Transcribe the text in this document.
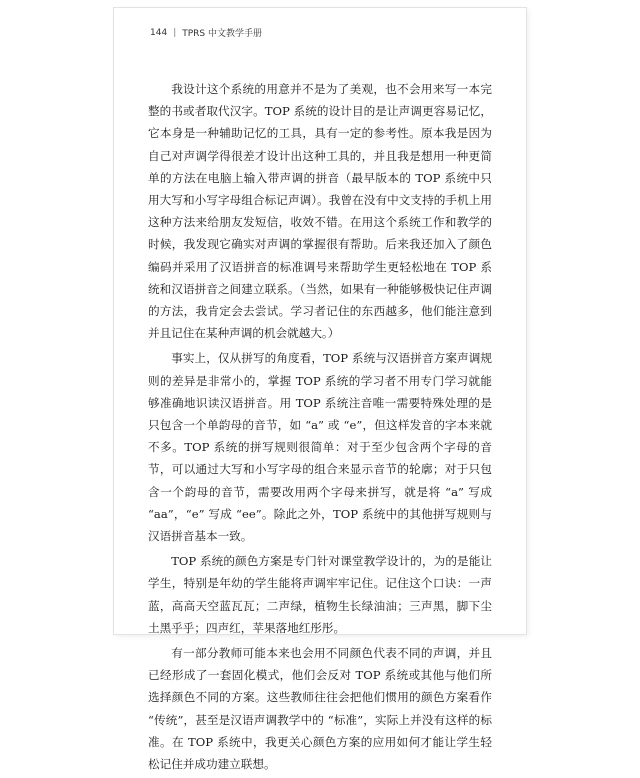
144 | TPRS 中文教学手册

我设计这个系统的用意并不是为了美观，也不会用来写一本完整的书或者取代汉字。TOP 系统的设计目的是让声调更容易记忆，它本身是一种辅助记忆的工具，具有一定的参考性。原本我是因为自己对声调学得很差才设计出这种工具的，并且我是想用一种更简单的方法在电脑上输入带声调的拼音（最早版本的 TOP 系统中只用大写和小写字母组合标记声调）。我曾在没有中文支持的手机上用这种方法来给朋友发短信，收效不错。在用这个系统工作和教学的时候，我发现它确实对声调的掌握很有帮助。后来我还加入了颜色编码并采用了汉语拼音的标准调号来帮助学生更轻松地在 TOP 系统和汉语拼音之间建立联系。（当然，如果有一种能够极快记住声调的方法，我肯定会去尝试。学习者记住的东西越多，他们能注意到并且记住在某种声调的机会就越大。）

事实上，仅从拼写的角度看，TOP 系统与汉语拼音方案声调规则的差异是非常小的，掌握 TOP 系统的学习者不用专门学习就能够准确地识读汉语拼音。用 TOP 系统注音唯一需要特殊处理的是只包含一个单韵母的音节，如 “a” 或 “e”，但这样发音的字本来就不多。TOP 系统的拼写规则很简单：对于至少包含两个字母的音节，可以通过大写和小写字母的组合来显示音节的轮廓；对于只包含一个韵母的音节，需要改用两个字母来拼写，就是将 “a” 写成 “aa”，“e” 写成 “ee”。除此之外，TOP 系统中的其他拼写规则与汉语拼音基本一致。

TOP 系统的颜色方案是专门针对课堂教学设计的，为的是能让学生，特别是年幼的学生能将声调牢牢记住。记住这个口诀：一声蓝，高高天空蓝瓦瓦；二声绿，植物生长绿油油；三声黑，脚下尘土黑乎乎；四声红，苹果落地红彤彤。

有一部分教师可能本来也会用不同颜色代表不同的声调，并且已经形成了一套固化模式，他们会反对 TOP 系统或其他与他们所选择颜色不同的方案。这些教师往往会把他们惯用的颜色方案看作 “传统”，甚至是汉语声调教学中的 “标准”，实际上并没有这样的标准。在 TOP 系统中，我更关心颜色方案的应用如何才能让学生轻松记住并成功建立联想。
